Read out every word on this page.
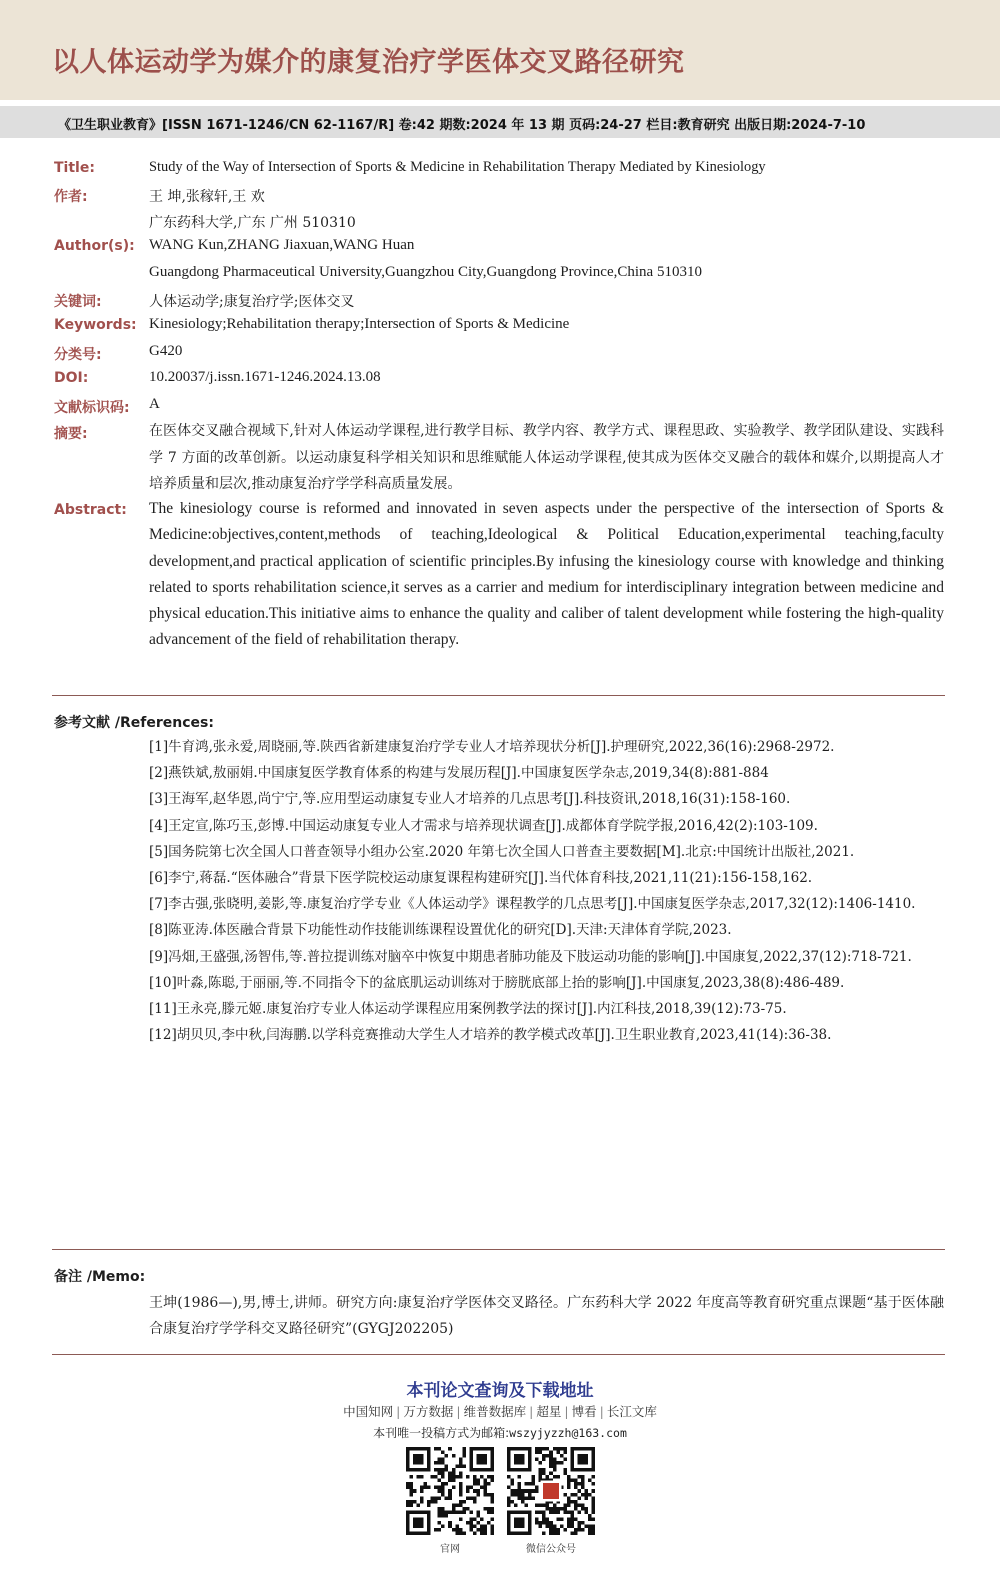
以人体运动学为媒介的康复治疗学医体交叉路径研究
《卫生职业教育》[ISSN 1671-1246/CN 62-1167/R] 卷:42 期数:2024 年 13 期 页码:24-27 栏目:教育研究 出版日期:2024-7-10
Title:	Study of the Way of Intersection of Sports & Medicine in Rehabilitation Therapy Mediated by Kinesiology
作者:	王 坤,张稼轩,王 欢
广东药科大学,广东 广州 510310
Author(s): WANG Kun,ZHANG Jiaxuan,WANG Huan
Guangdong Pharmaceutical University,Guangzhou City,Guangdong Province,China 510310
关键词:	人体运动学;康复治疗学;医体交叉
Keywords: Kinesiology;Rehabilitation therapy;Intersection of Sports & Medicine
分类号:	G420
DOI:	10.20037/j.issn.1671-1246.2024.13.08
文献标识码: A
摘要:	在医体交叉融合视域下,针对人体运动学课程,进行教学目标、教学内容、教学方式、课程思政、实验教学、教学团队建设、实践科学 7 方面的改革创新。以运动康复科学相关知识和思维赋能人体运动学课程,使其成为医体交叉融合的载体和媒介,以期提高人才培养质量和层次,推动康复治疗学学科高质量发展。
Abstract: The kinesiology course is reformed and innovated in seven aspects under the perspective of the intersection of Sports & Medicine:objectives,content,methods of teaching,Ideological & Political Education,experimental teaching,faculty development,and practical application of scientific principles.By infusing the kinesiology course with knowledge and thinking related to sports rehabilitation science,it serves as a carrier and medium for interdisciplinary integration between medicine and physical education.This initiative aims to enhance the quality and caliber of talent development while fostering the high-quality advancement of the field of rehabilitation therapy.
参考文献 /References:
[1]牛育鸿,张永爱,周晓丽,等.陕西省新建康复治疗学专业人才培养现状分析[J].护理研究,2022,36(16):2968-2972.
[2]燕铁斌,敖丽娟.中国康复医学教育体系的构建与发展历程[J].中国康复医学杂志,2019,34(8):881-884
[3]王海军,赵华恩,尚宁宁,等.应用型运动康复专业人才培养的几点思考[J].科技资讯,2018,16(31):158-160.
[4]王定宣,陈巧玉,彭博.中国运动康复专业人才需求与培养现状调查[J].成都体育学院学报,2016,42(2):103-109.
[5]国务院第七次全国人口普查领导小组办公室.2020 年第七次全国人口普查主要数据[M].北京:中国统计出版社,2021.
[6]李宁,蒋磊.“医体融合”背景下医学院校运动康复课程构建研究[J].当代体育科技,2021,11(21):156-158,162.
[7]李古强,张晓明,姜影,等.康复治疗学专业《人体运动学》课程教学的几点思考[J].中国康复医学杂志,2017,32(12):1406-1410.
[8]陈亚涛.体医融合背景下功能性动作技能训练课程设置优化的研究[D].天津:天津体育学院,2023.
[9]冯畑,王盛强,汤智伟,等.普拉提训练对脑卒中恢复中期患者肺功能及下肢运动功能的影响[J].中国康复,2022,37(12):718-721.
[10]叶淼,陈聪,于丽丽,等.不同指令下的盆底肌运动训练对于膀胱底部上抬的影响[J].中国康复,2023,38(8):486-489.
[11]王永亮,滕元姬.康复治疗专业人体运动学课程应用案例教学法的探讨[J].内江科技,2018,39(12):73-75.
[12]胡贝贝,李中秋,闫海鹏.以学科竞赛推动大学生人才培养的教学模式改革[J].卫生职业教育,2023,41(14):36-38.
备注 /Memo:
王坤(1986—),男,博士,讲师。研究方向:康复治疗学医体交叉路径。广东药科大学 2022 年度高等教育研究重点课题“基于医体融合康复治疗学学科交叉路径研究”(GYGJ202205)
本刊论文查询及下载地址
中国知网 | 万方数据 | 维普数据库 | 超星 | 博看 | 长江文库
本刊唯一投稿方式为邮箱:wszyjyzzh@163.com
官网	微信公众号
